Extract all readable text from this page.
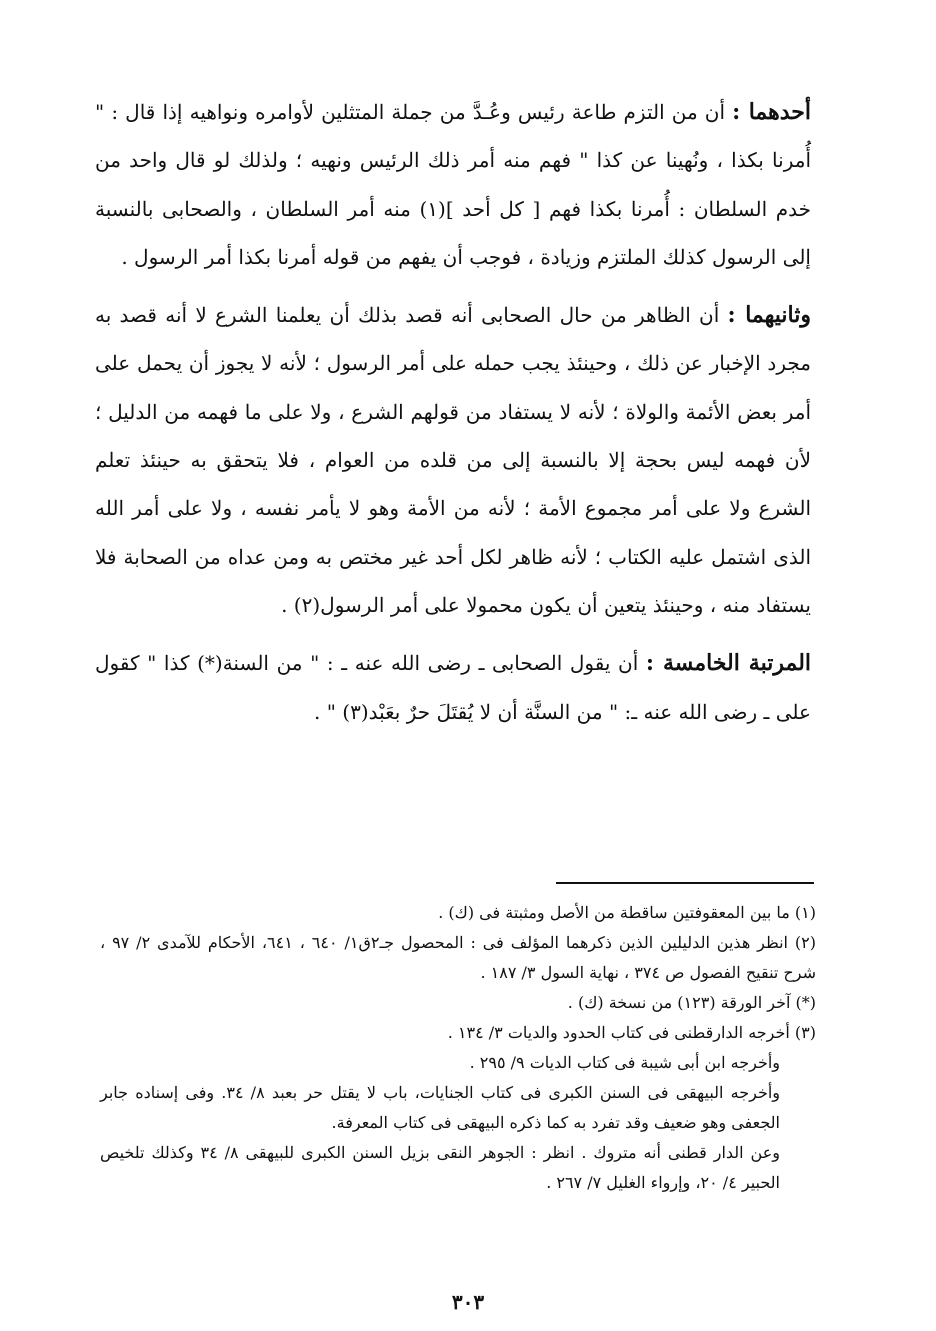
أحدهما : أن من التزم طاعة رئيس وعُـدَّ من جملة المتثلين لأوامره ونواهيه إذا قال : " أُمرنا بكذا ، ونُهينا عن كذا " فهم منه أمر ذلك الرئيس ونهيه ؛ ولذلك لو قال واحد من خدم السلطان : أُمرنا بكذا فهم [ كل أحد ](١) منه أمر السلطان ، والصحابى بالنسبة إلى الرسول كذلك الملتزم وزيادة ، فوجب أن يفهم من قوله أمرنا بكذا أمر الرسول .

وثانيهما : أن الظاهر من حال الصحابى أنه قصد بذلك أن يعلمنا الشرع لا أنه قصد به مجرد الإخبار عن ذلك ، وحينئذ يجب حمله على أمر الرسول ؛ لأنه لا يجوز أن يحمل على أمر بعض الأئمة والولاة ؛ لأنه لا يستفاد من قولهم الشرع ، ولا على ما فهمه من الدليل ؛ لأن فهمه ليس بحجة إلا بالنسبة إلى من قلده من العوام ، فلا يتحقق به حينئذ تعلم الشرع ولا على أمر مجموع الأمة ؛ لأنه من الأمة وهو لا يأمر نفسه ، ولا على أمر الله الذى اشتمل عليه الكتاب ؛ لأنه ظاهر لكل أحد غير مختص به ومن عداه من الصحابة فلا يستفاد منه ، وحينئذ يتعين أن يكون محمولا على أمر الرسول(٢) .

المرتبة الخامسة : أن يقول الصحابى ـ رضى الله عنه ـ : " من السنة(*) كذا " كقول على ـ رضى الله عنه ـ: " من السنَّة أن لا يُقتَلَ حرٌ بعَبْد(٣) " .

(١) ما بين المعقوفتين ساقطة من الأصل ومثبتة فى (ك) .

(٢) انظر هذين الدليلين الذين ذكرهما المؤلف فى : المحصول جـ٢ق١/ ٦٤٠ ، ٦٤١، الأحكام للآمدى ٢/ ٩٧ ، شرح تنقيح الفصول ص ٣٧٤ ، نهاية السول ٣/ ١٨٧ .

(*) آخر الورقة (١٢٣) من نسخة (ك) .

(٣) أخرجه الدارقطنى فى كتاب الحدود والديات ٣/ ١٣٤ .

وأخرجه ابن أبى شيبة فى كتاب الديات ٩/ ٢٩٥ .

وأخرجه البيهقى فى السنن الكبرى فى كتاب الجنايات، باب لا يقتل حر بعبد ٨/ ٣٤. وفى إسناده جابر الجعفى وهو ضعيف وقد تفرد به كما ذكره البيهقى فى كتاب المعرفة.

وعن الدار قطنى أنه متروك . انظر : الجوهر النقى بزيل السنن الكبرى للبيهقى ٨/ ٣٤ وكذلك تلخيص الحبير ٤/ ٢٠، وإرواء الغليل ٧/ ٢٦٧ .

٣٠٣
